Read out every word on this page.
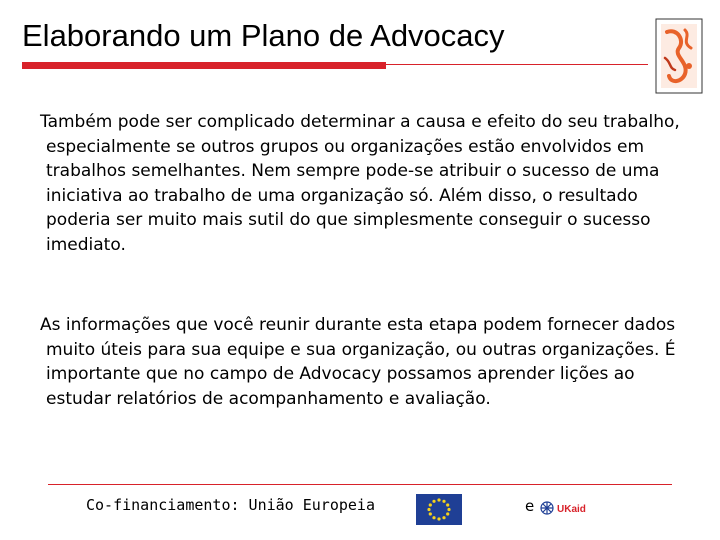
Elaborando um Plano de Advocacy

Também pode ser complicado determinar a causa e efeito do seu trabalho, especialmente se outros grupos ou organizações estão envolvidos em trabalhos semelhantes. Nem sempre pode-se atribuir o sucesso de uma iniciativa ao trabalho de uma organização só. Além disso, o resultado poderia ser muito mais sutil do que simplesmente conseguir o sucesso imediato.

As informações que você reunir durante esta etapa podem fornecer dados muito úteis para sua equipe e sua organização, ou outras organizações. É importante que no campo de Advocacy possamos aprender lições ao estudar relatórios de acompanhamento e avaliação.

Co-financiamento: União Europeia	e UKaid
